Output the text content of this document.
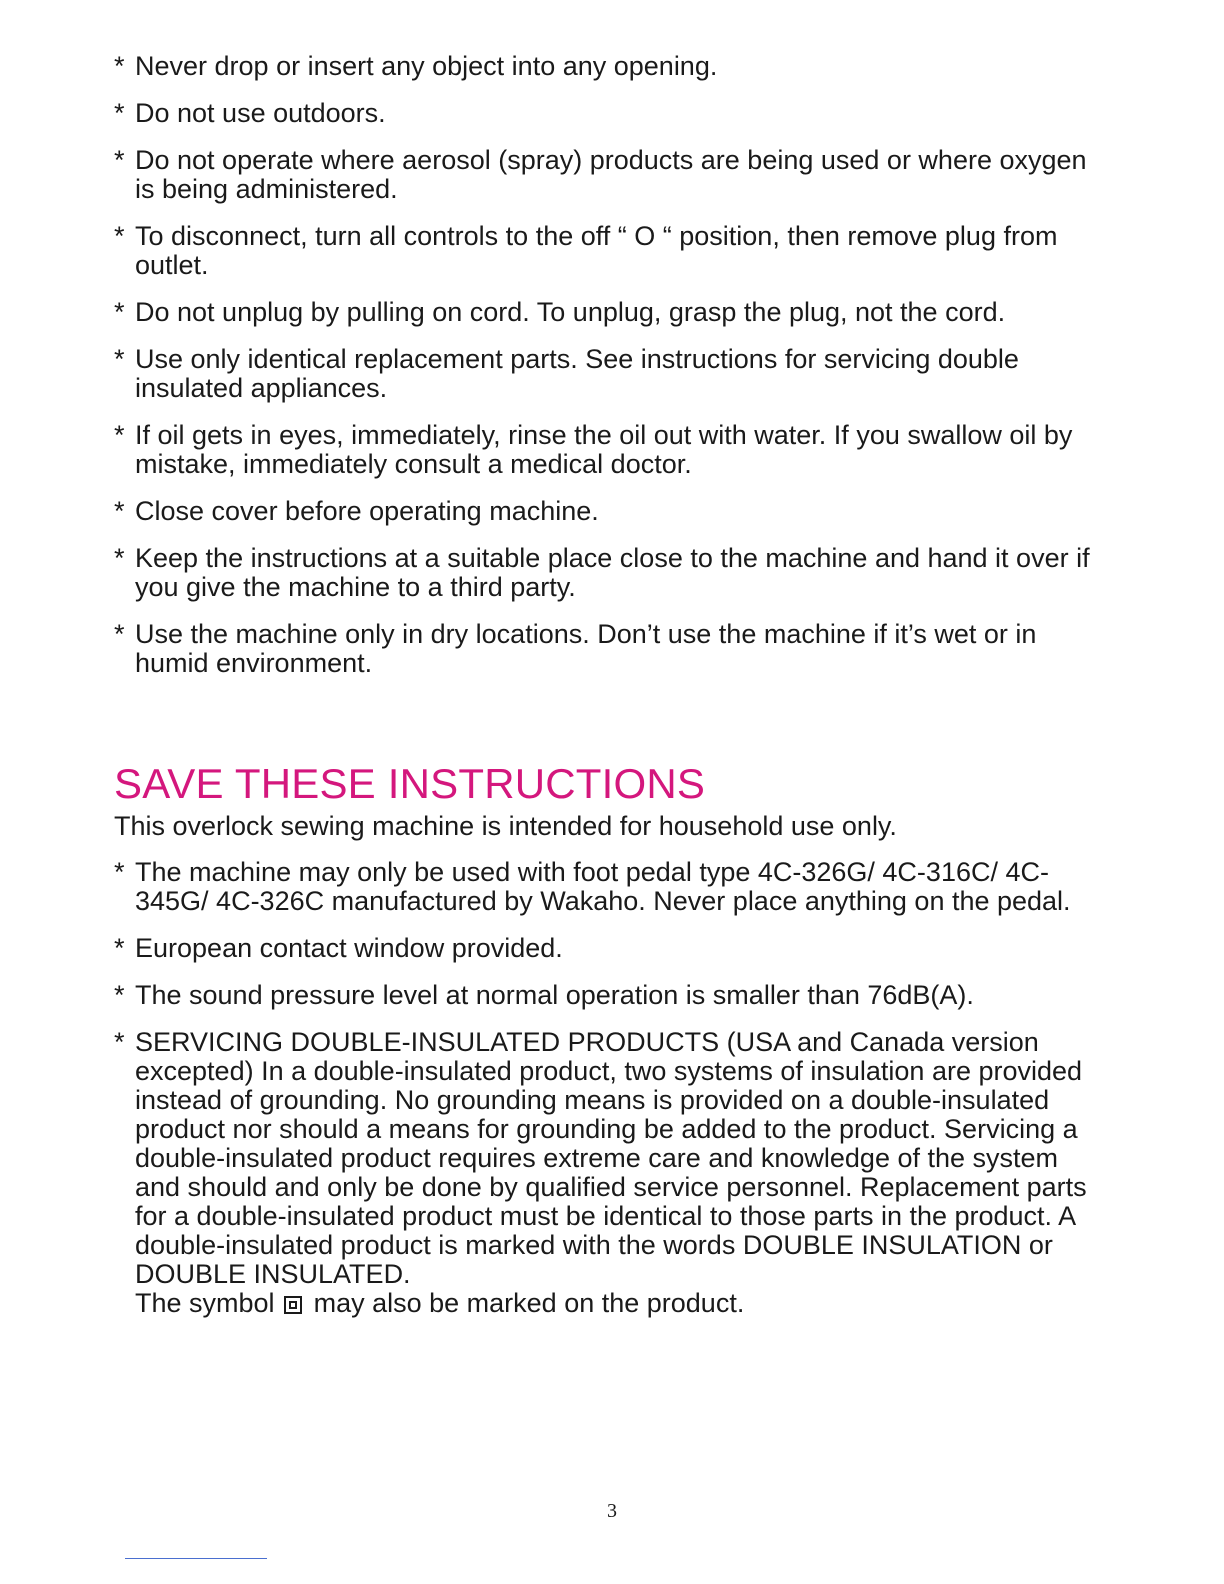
* Never drop or insert any object into any opening.
* Do not use outdoors.
* Do not operate where aerosol (spray) products are being used or where oxygen is being administered.
* To disconnect, turn all controls to the off “ O “ position, then remove plug from outlet.
* Do not unplug by pulling on cord. To unplug, grasp the plug, not the cord.
* Use only identical replacement parts. See instructions for servicing double insulated appliances.
* If oil gets in eyes, immediately, rinse the oil out with water. If you swallow oil by mistake, immediately consult a medical doctor.
* Close cover before operating machine.
* Keep the instructions at a suitable place close to the machine and hand it over if you give the machine to a third party.
* Use the machine only in dry locations. Don’t use the machine if it’s wet or in humid environment.
SAVE THESE INSTRUCTIONS

This overlock sewing machine is intended for household use only.

* The machine may only be used with foot pedal type 4C-326G/ 4C-316C/ 4C-345G/ 4C-326C manufactured by Wakaho. Never place anything on the pedal.
* European contact window provided.
* The sound pressure level at normal operation is smaller than 76dB(A).
* SERVICING DOUBLE-INSULATED PRODUCTS (USA and Canada version excepted) In a double-insulated product, two systems of insulation are provided instead of grounding. No grounding means is provided on a double-insulated product nor should a means for grounding be added to the product. Servicing a double-insulated product requires extreme care and knowledge of the system and should and only be done by qualified service personnel. Replacement parts for a double-insulated product must be identical to those parts in the product. A double-insulated product is marked with the words DOUBLE INSULATION or DOUBLE INSULATED.
The symbol may also be marked on the product.
3
